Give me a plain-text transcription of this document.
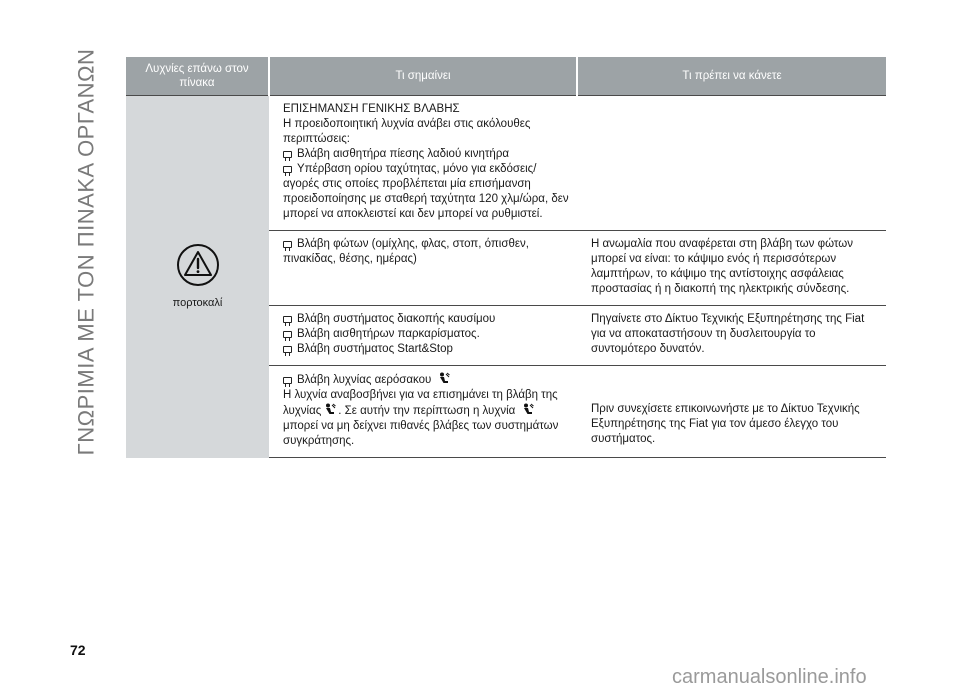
ΓΝΩΡΙΜΙΑ ΜΕ ΤΟΝ ΠΙΝΑΚΑ ΟΡΓΑΝΩΝ	Λυχνίες επάνω στον πίνακα	Τι σημαίνει	Τι πρέπει να κάνετε

πορτοκαλί	ΕΠΙΣΗΜΑΝΣΗ ΓΕΝΙΚΗΣ ΒΛΑΒΗΣ
Η προειδοποιητική λυχνία ανάβει στις ακόλουθες περιπτώσεις:
Βλάβη αισθητήρα πίεσης λαδιού κινητήρα
Υπέρβαση ορίου ταχύτητας, μόνο για εκδόσεις/αγορές στις οποίες προβλέπεται μία επισήμανση προειδοποίησης με σταθερή ταχύτητα 120 χλμ/ώρα, δεν μπορεί να αποκλειστεί και δεν μπορεί να ρυθμιστεί.	

	Βλάβη φώτων (ομίχλης, φλας, στοπ, όπισθεν, πινακίδας, θέσης, ημέρας)	Η ανωμαλία που αναφέρεται στη βλάβη των φώτων μπορεί να είναι: το κάψιμο ενός ή περισσότερων λαμπτήρων, το κάψιμο της αντίστοιχης ασφάλειας προστασίας ή η διακοπή της ηλεκτρικής σύνδεσης.

	Βλάβη συστήματος διακοπής καυσίμου
Βλάβη αισθητήρων παρκαρίσματος.
Βλάβη συστήματος Start&Stop	Πηγαίνετε στο Δίκτυο Τεχνικής Εξυπηρέτησης της Fiat για να αποκαταστήσουν τη δυσλειτουργία το συντομότερο δυνατόν.

	Βλάβη λυχνίας αερόσακου
Η λυχνία αναβοσβήνει για να επισημάνει τη βλάβη της λυχνίας . Σε αυτήν την περίπτωση η λυχνία μπορεί να μη δείχνει πιθανές βλάβες των συστημάτων συγκράτησης.	Πριν συνεχίσετε επικοινωνήστε με το Δίκτυο Τεχνικής Εξυπηρέτησης της Fiat για τον άμεσο έλεγχο του συστήματος.
72
carmanualsonline.info
